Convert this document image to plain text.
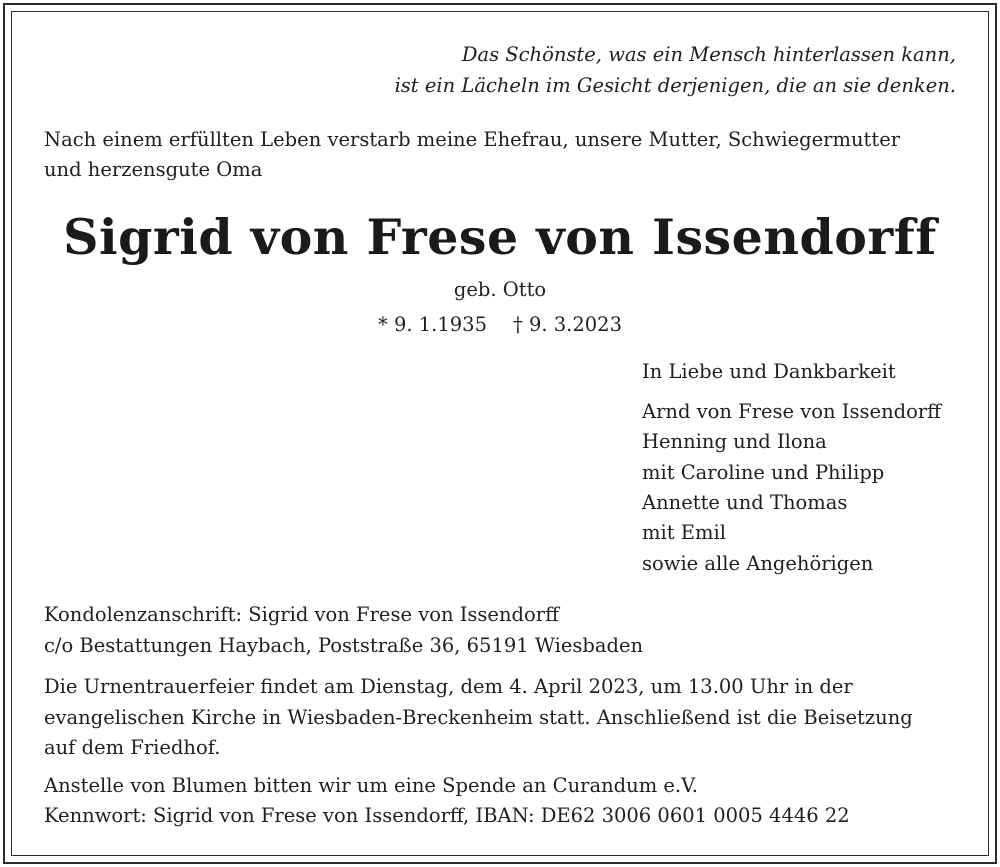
Das Schönste, was ein Mensch hinterlassen kann,

ist ein Lächeln im Gesicht derjenigen, die an sie denken.

Nach einem erfüllten Leben verstarb meine Ehefrau, unsere Mutter, Schwiegermutter

und herzensgute Oma

Sigrid von Frese von Issendorff

geb. Otto

* 9. 1.1935 † 9. 3.2023

In Liebe und Dankbarkeit

Arnd von Frese von Issendorff

Henning und Ilona

mit Caroline und Philipp

Annette und Thomas

mit Emil

sowie alle Angehörigen

Kondolenzanschrift: Sigrid von Frese von Issendorff

c/o Bestattungen Haybach, Poststraße 36, 65191 Wiesbaden

Die Urnentrauerfeier findet am Dienstag, dem 4. April 2023, um 13.00 Uhr in der

evangelischen Kirche in Wiesbaden-Breckenheim statt. Anschließend ist die Beisetzung

auf dem Friedhof.

Anstelle von Blumen bitten wir um eine Spende an Curandum e.V.

Kennwort: Sigrid von Frese von Issendorff, IBAN: DE62 3006 0601 0005 4446 22
